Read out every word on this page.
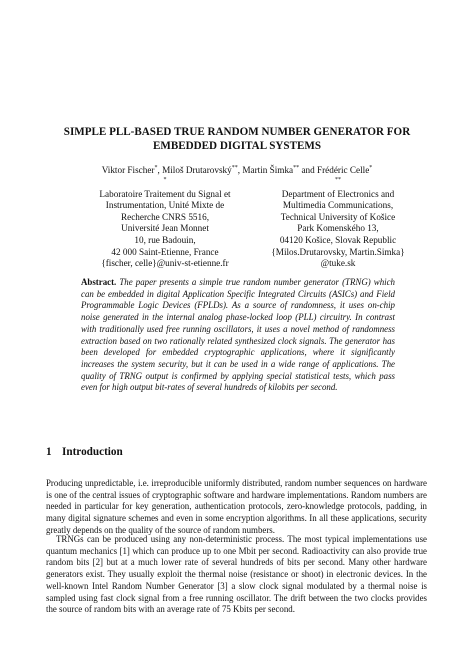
SIMPLE PLL-BASED TRUE RANDOM NUMBER GENERATOR FOR
EMBEDDED DIGITAL SYSTEMS
Viktor Fischer*, Miloš Drutarovský**, Martin Šimka** and Frédéric Celle*
*
Laboratoire Traitement du Signal et
Instrumentation, Unité Mixte de
Recherche CNRS 5516,
Université Jean Monnet
10, rue Badouin,
42 000 Saint-Etienne, France
{fischer, celle}@univ-st-etienne.fr
**
Department of Electronics and
Multimedia Communications,
Technical University of Košice
Park Komenského 13,
04120 Košice, Slovak Republic
{Milos.Drutarovsky, Martin.Simka}
@tuke.sk
Abstract. The paper presents a simple true random number generator (TRNG) which can be embedded in digital Application Specific Integrated Circuits (ASICs) and Field Programmable Logic Devices (FPLDs). As a source of randomness, it uses on-chip noise generated in the internal analog phase-locked loop (PLL) circuitry. In contrast with traditionally used free running oscillators, it uses a novel method of randomness extraction based on two rationally related synthesized clock signals. The generator has been developed for embedded cryptographic applications, where it significantly increases the system security, but it can be used in a wide range of applications. The quality of TRNG output is confirmed by applying special statistical tests, which pass even for high output bit-rates of several hundreds of kilobits per second.
1 Introduction
Producing unpredictable, i.e. irreproducible uniformly distributed, random number sequences on hardware is one of the central issues of cryptographic software and hardware implementations. Random numbers are needed in particular for key generation, authentication protocols, zero-knowledge protocols, padding, in many digital signature schemes and even in some encryption algorithms. In all these applications, security greatly depends on the quality of the source of random numbers.
TRNGs can be produced using any non-deterministic process. The most typical implementations use quantum mechanics [1] which can produce up to one Mbit per second. Radioactivity can also provide true random bits [2] but at a much lower rate of several hundreds of bits per second. Many other hardware generators exist. They usually exploit the thermal noise (resistance or shoot) in electronic devices. In the well-known Intel Random Number Generator [3] a slow clock signal modulated by a thermal noise is sampled using fast clock signal from a free running oscillator. The drift between the two clocks provides the source of random bits with an average rate of 75 Kbits per second.
